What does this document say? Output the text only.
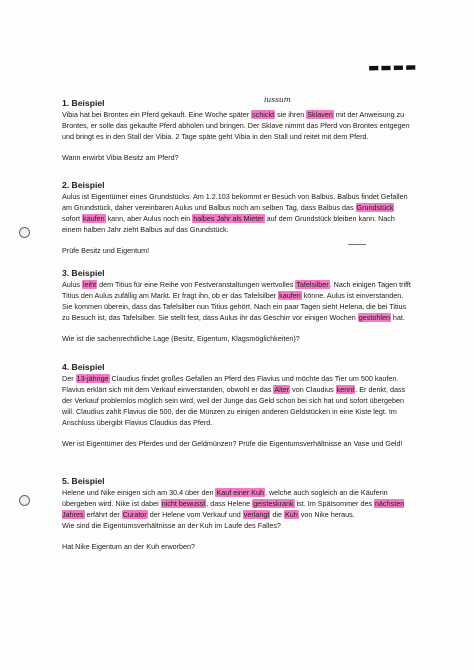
▬▬▬▬
iussum
1. Beispiel

Vibia hat bei Brontes ein Pferd gekauft. Eine Woche später schickt sie ihren Sklaven mit der Anweisung zu Brontes, er solle das gekaufte Pferd abholen und bringen. Der Sklave nimmt das Pferd von Brontes entgegen und bringt es in den Stall der Vibia. 2 Tage späte geht Vibia in den Stall und reitet mit dem Pferd.

Wann erwirbt Vibia Besitz am Pferd?

2. Beispiel

Aulus ist Eigentümer eines Grundstücks. Am 1.2.103 bekommt er Besuch von Balbus. Balbus findet Gefallen am Grundstück, daher vereinbaren Aulus und Balbus noch am selben Tag, dass Balbus das Grundstück sofort kaufen kann, aber Aulus noch ein halbes Jahr als Mieter auf dem Grundstück bleiben kann. Nach einem halben Jahr zieht Balbus auf das Grundstück.

Prüfe Besitz und Eigentum!

3. Beispiel

Aulus leiht dem Titius für eine Reihe von Festveranstaltungen wertvolles Tafelsilber. Nach einigen Tagen trifft Titius den Aulus zufällig am Markt. Er fragt ihn, ob er das Tafelsilber kaufen könne. Aulus ist einverstanden. Sie kommen überein, dass das Tafelsilber nun Titius gehört. Nach ein paar Tagen sieht Helena, die bei Titius zu Besuch ist, das Tafelsilber. Sie stellt fest, dass Aulus ihr das Geschirr vor einigen Wochen gestohlen hat.

Wie ist die sachenrechtliche Lage (Besitz, Eigentum, Klagsmöglichkeiten)?

4. Beispiel

Der 13-jährige Claudius findet großes Gefallen an Pferd des Flavius und möchte das Tier um 500 kaufen. Flavius erklärt sich mit dem Verkauf einverstanden, obwohl er das Alter von Claudius kennt. Er denkt, dass der Verkauf problemlos möglich sein wird, weil der Junge das Geld schon bei sich hat und sofort übergeben will. Claudius zahlt Flavius die 500, der die Münzen zu einigen anderen Geldstücken in eine Kiste legt. Im Anschluss übergibt Flavius Claudius das Pferd.

Wer ist Eigentümer des Pferdes und der Geldmünzen? Prüfe die Eigentumsverhältnisse an Vase und Geld!

5. Beispiel

Helene und Nike einigen sich am 30.4 über den Kauf einer Kuh, welche auch sogleich an die Käuferin übergeben wird. Nike ist dabei nicht bewusst, dass Helene geisteskrank ist. Im Spätsommer des nächsten Jahres erfährt der Curator der Helene vom Verkauf und verlangt die Kuh von Nike heraus.

Wie sind die Eigentumsverhältnisse an der Kuh im Laufe des Falles?

Hat Nike Eigentum an der Kuh erworben?
